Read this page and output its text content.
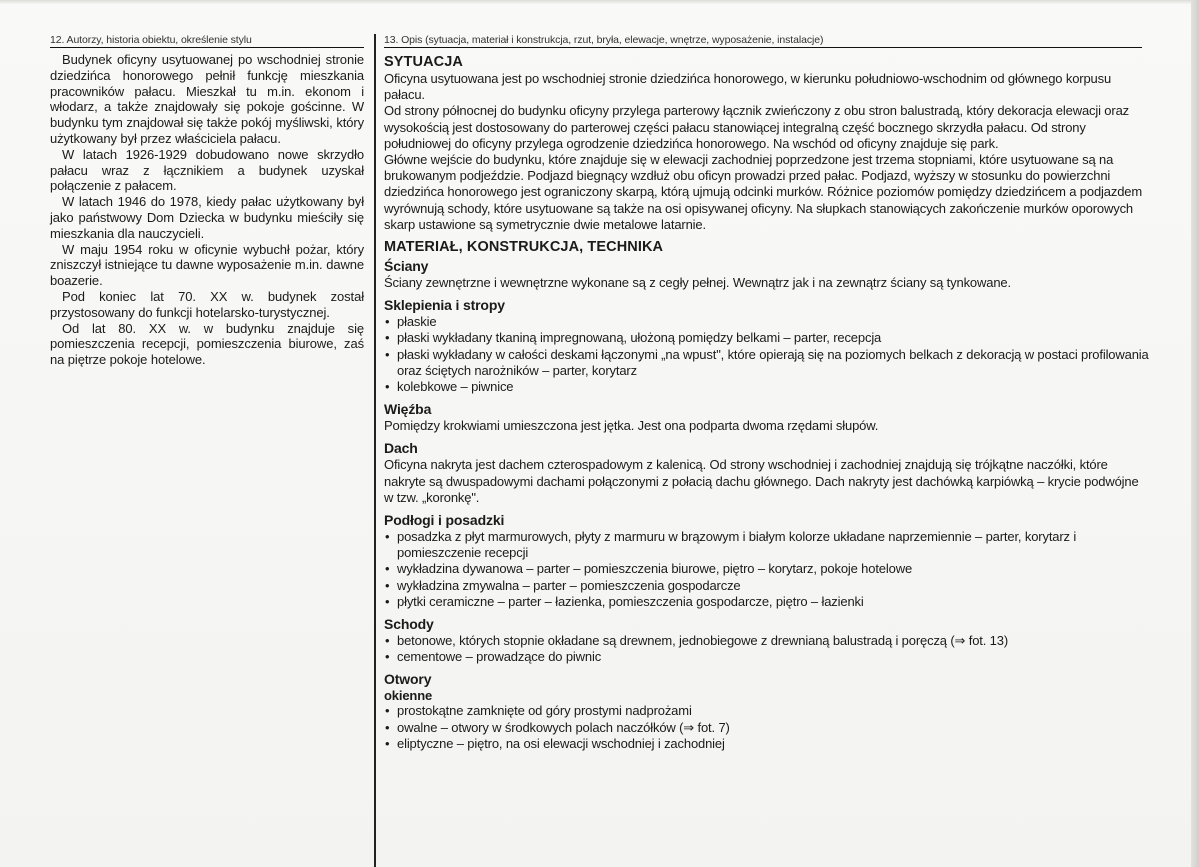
12. Autorzy, historia obiektu, określenie stylu

Budynek oficyny usytuowanej po wschodniej stronie dziedzińca honorowego pełnił funkcję mieszkania pracowników pałacu. Mieszkał tu m.in. ekonom i włodarz, a także znajdowały się pokoje gościnne. W budynku tym znajdował się także pokój myśliwski, który użytkowany był przez właściciela pałacu.

W latach 1926-1929 dobudowano nowe skrzydło pałacu wraz z łącznikiem a budynek uzyskał połączenie z pałacem.

W latach 1946 do 1978, kiedy pałac użytkowany był jako państwowy Dom Dziecka w budynku mieściły się mieszkania dla nauczycieli.

W maju 1954 roku w oficynie wybuchł pożar, który zniszczył istniejące tu dawne wyposażenie m.in. dawne boazerie.

Pod koniec lat 70. XX w. budynek został przystosowany do funkcji hotelarsko-turystycznej.

Od lat 80. XX w. w budynku znajduje się pomieszczenia recepcji, pomieszczenia biurowe, zaś na piętrze pokoje hotelowe.

13. Opis (sytuacja, materiał i konstrukcja, rzut, bryła, elewacje, wnętrze, wyposażenie, instalacje)
SYTUACJA

Oficyna usytuowana jest po wschodniej stronie dziedzińca honorowego, w kierunku południowo-wschodnim od głównego korpusu pałacu.

Od strony północnej do budynku oficyny przylega parterowy łącznik zwieńczony z obu stron balustradą, który dekoracja elewacji oraz wysokością jest dostosowany do parterowej części pałacu stanowiącej integralną część bocznego skrzydła pałacu. Od strony południowej do oficyny przylega ogrodzenie dziedzińca honorowego. Na wschód od oficyny znajduje się park.

Główne wejście do budynku, które znajduje się w elewacji zachodniej poprzedzone jest trzema stopniami, które usytuowane są na brukowanym podjeździe. Podjazd biegnący wzdłuż obu oficyn prowadzi przed pałac. Podjazd, wyższy w stosunku do powierzchni dziedzińca honorowego jest ograniczony skarpą, którą ujmują odcinki murków. Różnice poziomów pomiędzy dziedzińcem a podjazdem wyrównują schody, które usytuowane są także na osi opisywanej oficyny. Na słupkach stanowiących zakończenie murków oporowych skarp ustawione są symetrycznie dwie metalowe latarnie.

MATERIAŁ, KONSTRUKCJA, TECHNIKA
Ściany

Ściany zewnętrzne i wewnętrzne wykonane są z cegły pełnej. Wewnątrz jak i na zewnątrz ściany są tynkowane.

Sklepienia i stropy
• płaskie
• płaski wykładany tkaniną impregnowaną, ułożoną pomiędzy belkami – parter, recepcja
• płaski wykładany w całości deskami łączonymi „na wpust", które opierają się na poziomych belkach z dekoracją w postaci profilowania oraz ściętych narożników – parter, korytarz
• kolebkowe – piwnice
Więźba

Pomiędzy krokwiami umieszczona jest jętka. Jest ona podparta dwoma rzędami słupów.

Dach

Oficyna nakryta jest dachem czterospadowym z kalenicą. Od strony wschodniej i zachodniej znajdują się trójkątne naczółki, które nakryte są dwuspadowymi dachami połączonymi z połacią dachu głównego. Dach nakryty jest dachówką karpiówką – krycie podwójne w tzw. „koronkę".

Podłogi i posadzki
• posadzka z płyt marmurowych, płyty z marmuru w brązowym i białym kolorze układane naprzemiennie – parter, korytarz i pomieszczenie recepcji
• wykładzina dywanowa – parter – pomieszczenia biurowe, piętro – korytarz, pokoje hotelowe
• wykładzina zmywalna – parter – pomieszczenia gospodarcze
• płytki ceramiczne – parter – łazienka, pomieszczenia gospodarcze, piętro – łazienki
Schody
• betonowe, których stopnie okładane są drewnem, jednobiegowe z drewnianą balustradą i poręczą (⇒ fot. 13)
• cementowe – prowadzące do piwnic
Otwory
okienne
• prostokątne zamknięte od góry prostymi nadprożami
• owalne – otwory w środkowych polach naczółków (⇒ fot. 7)
• eliptyczne – piętro, na osi elewacji wschodniej i zachodniej
